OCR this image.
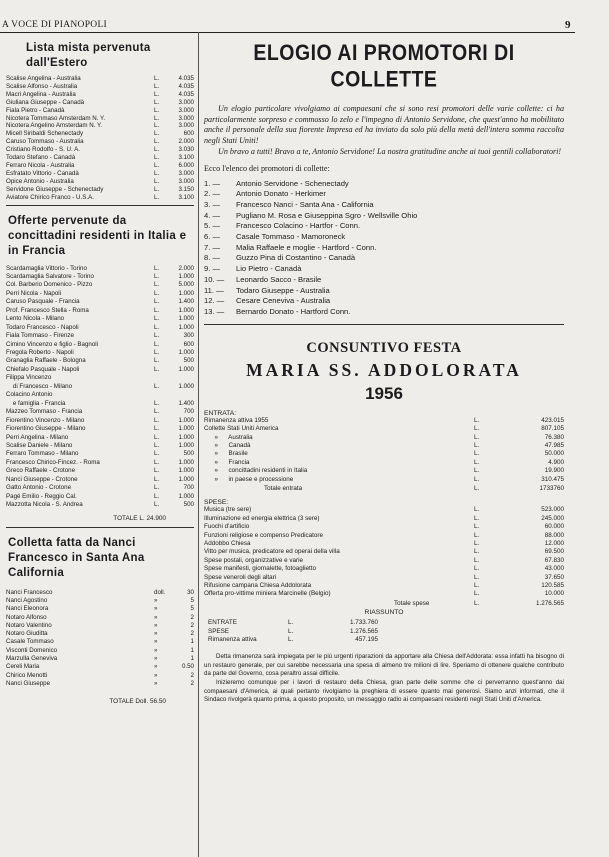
A VOCE DI PIANOPOLI	9
Lista mista pervenuta dall'Estero
Scalise Angelina - Australia	L.	4.035
Scalise Alfonso - Australia	L.	4.035
Macri Angelina - Australia	L.	4.035
Giuliana Giuseppe - Canadà	L.	3.000
Fiala Pietro - Canadà	L.	3.000
Nicotera Tommaso Amsterdam N. Y.	L.	3.000
Nicotera Angelino Amsterdam N. Y.	L.	3.000
Micell Siribaldi Schenectady	L.	600
Caruso Tommaso - Australia	L.	2.000
Cristiano Rodolfo - S. U. A.	L.	3.030
Todaro Stefano - Canadà	L.	3.100
Ferraro Nicola - Australia	L.	6.000
Esfratato Vittorio - Canadà	L.	3.000
Opice Antonio - Australia	L.	3.000
Servidone Giuseppe - Schenectady	L.	3.150
Aviatore Chirico Franco - U.S.A.	L.	3.100
Offerte pervenute da concittadini residenti in Italia e in Francia
Scardamaglia Vittorio - Torino	L.	2.000
Scardamaglia Salvatore - Torino	L.	1.000
Col. Barberio Domenico - Pizzo	L.	5.000
Perri Nicola - Napoli	L.	1.000
Caruso Pasquale - Francia	L.	1.400
Prof. Francesco Stella - Roma	L.	1.000
Lento Nicola - Milano	L.	1.000
Todaro Francesco - Napoli	L.	1.000
Fiala Tommaso - Firenze	L.	300
Cimino Vincenzo e figlio - Bagnoli	L.	600
Fregola Roberto - Napoli	L.	1.000
Granaglia Raffaele - Bologna	L.	500
Chiefalo Pasquale - Napoli	L.	1.000
Filippa Vincenzo
di Francesco - Milano	L.	1.000
Colacino Antonio
e famiglia - Francia	L.	1.400
Mazzeo Tommaso - Francia	L.	700
Fiorentino Vincenzo - Milano	L.	1.000
Fiorentino Giuseppe - Milano	L.	1.000
Perri Angelina - Milano	L.	1.000
Scalise Daniele - Milano	L.	1.000
Ferraro Tommaso - Milano	L.	500
Francesco Chirico-Fincez. - Roma	L.	1.000
Greco Raffaele - Crotone	L.	1.000
Nanci Giuseppe - Crotone	L.	1.000
Gatto Antonio - Crotone	L.	700
Pagé Emilio - Reggio Cal.	L.	1.000
Mazzotta Nicola - S. Andrea	L.	500
TOTALE L. 24.900
Colletta fatta da Nanci Francesco in Santa Ana California
Nanci Francesco	doll.	30
Nanci Agostino	»	5
Nanci Eleonora	»	5
Notaro Alfonso	»	2
Notaro Valentino	»	2
Notaro Giuditta	»	2
Casale Tommaso	»	1
Visconti Domenico	»	1
Marzulla Geneviva	»	1
Cereli Maria	»	0.50
Chirico Menotti	»	2
Nanci Giuseppe	»	2
TOTALE Doll. 56.50
ELOGIO AI PROMOTORI DI COLLETTE

Un elogio particolare vivolgiamo ai compaesani che si sono resi promotori delle varie collette: ci ha particolarmente sorpreso e commosso lo zelo e l'impegno di Antonio Servidone, che quest'anno ha mobilitato anche il personale della sua fiorente Impresa ed ha inviato da solo più della metà dell'intera somma raccolta negli Stati Uniti!

Un bravo a tutti! Bravo a te, Antonio Servidone! La nostra gratitudine anche ai tuoi gentili collaboratori!

Ecco l'elenco dei promotori di collette:

1. — Antonio Servidone - Schenectady
2. — Antonio Donato - Herkimer
3. — Francesco Nanci - Santa Ana - California
4. — Pugliano M. Rosa e Giuseppina Sgro - Wellsville Ohio
5. — Francesco Colacino - Hartfor - Conn.
6. — Casale Tommaso - Mamoroneck
7. — Malia Raffaele e moglie - Hartford - Conn.
8. — Guzzo Pina di Costantino - Canadà
9. — Lio Pietro - Canadà
10. — Leonardo Sacco - Brasile
11. — Todaro Giuseppe - Australia
12. — Cesare Ceneviva - Australia
13. — Bernardo Donato - Hartford Conn.
CONSUNTIVO FESTA
MARIA SS. ADDOLORATA
1956

ENTRATA:

Rimanenza attiva 1955	L.	423.015
Collette Stati Uniti America	L.	807.105
»      Australia	L.	76.380
»      Canadà	L.	47.985
»      Brasile	L.	50.000
»      Francia	L.	4.900
»      concittadini residenti in Italia	L.	19.900
»      in paese e processione	L.	310.475
Totale entrata	L.	1733760

SPESE:

Musica (tre sere)	L.	523.000
Illuminazione ed energia elettrica (3 sere)	L.	245.000
Fuochi d'artificio	L.	60.000
Funzioni religiose e compenso Predicatore	L.	88.000
Addobbo Chiesa	L.	12.000
Vitto per musica, predicatore ed operai della villa	L.	69.500
Spese postali, organizzative e varie	L.	67.830
Spese manifesti, giornalette, fotoaglietto	L.	43.000
Spese veneroli degli altari	L.	37.650
Rifusione campana Chiesa Addolorata	L.	120.585
Offerta pro-vittime miniera Marcinelle (Belgio)	L.	10.000
Totale spese	L.	1.276.565

RIASSUNTO

ENTRATE	L.	1.733.760
SPESE	L.	1.276.565
Rimanenza attiva	L.	457.195

Detta rimanenza sarà impiegata per le più urgenti riparazioni da apportare alla Chiesa dell'Addorata: essa infatti ha bisogno di un restauro generale, per cui sarebbe necessaria una spesa di almeno tre milioni di lire. Speriamo di ottenere qualche contributo da parte del Governo, cosa peraltro assai difficile.

Inizieremo comunque per i lavori di restauro della Chiesa, gran parte delle somme che ci perverranno quest'anno dai compaesani d'America, ai quali pertanto rivolgiamo la preghiera di essere quanto mai generosi. Siamo anzi informati, che il Sindaco rivolgerà quanto prima, a questo proposito, un messaggio radio ai compaesani residenti negli Stati Uniti d'America.
